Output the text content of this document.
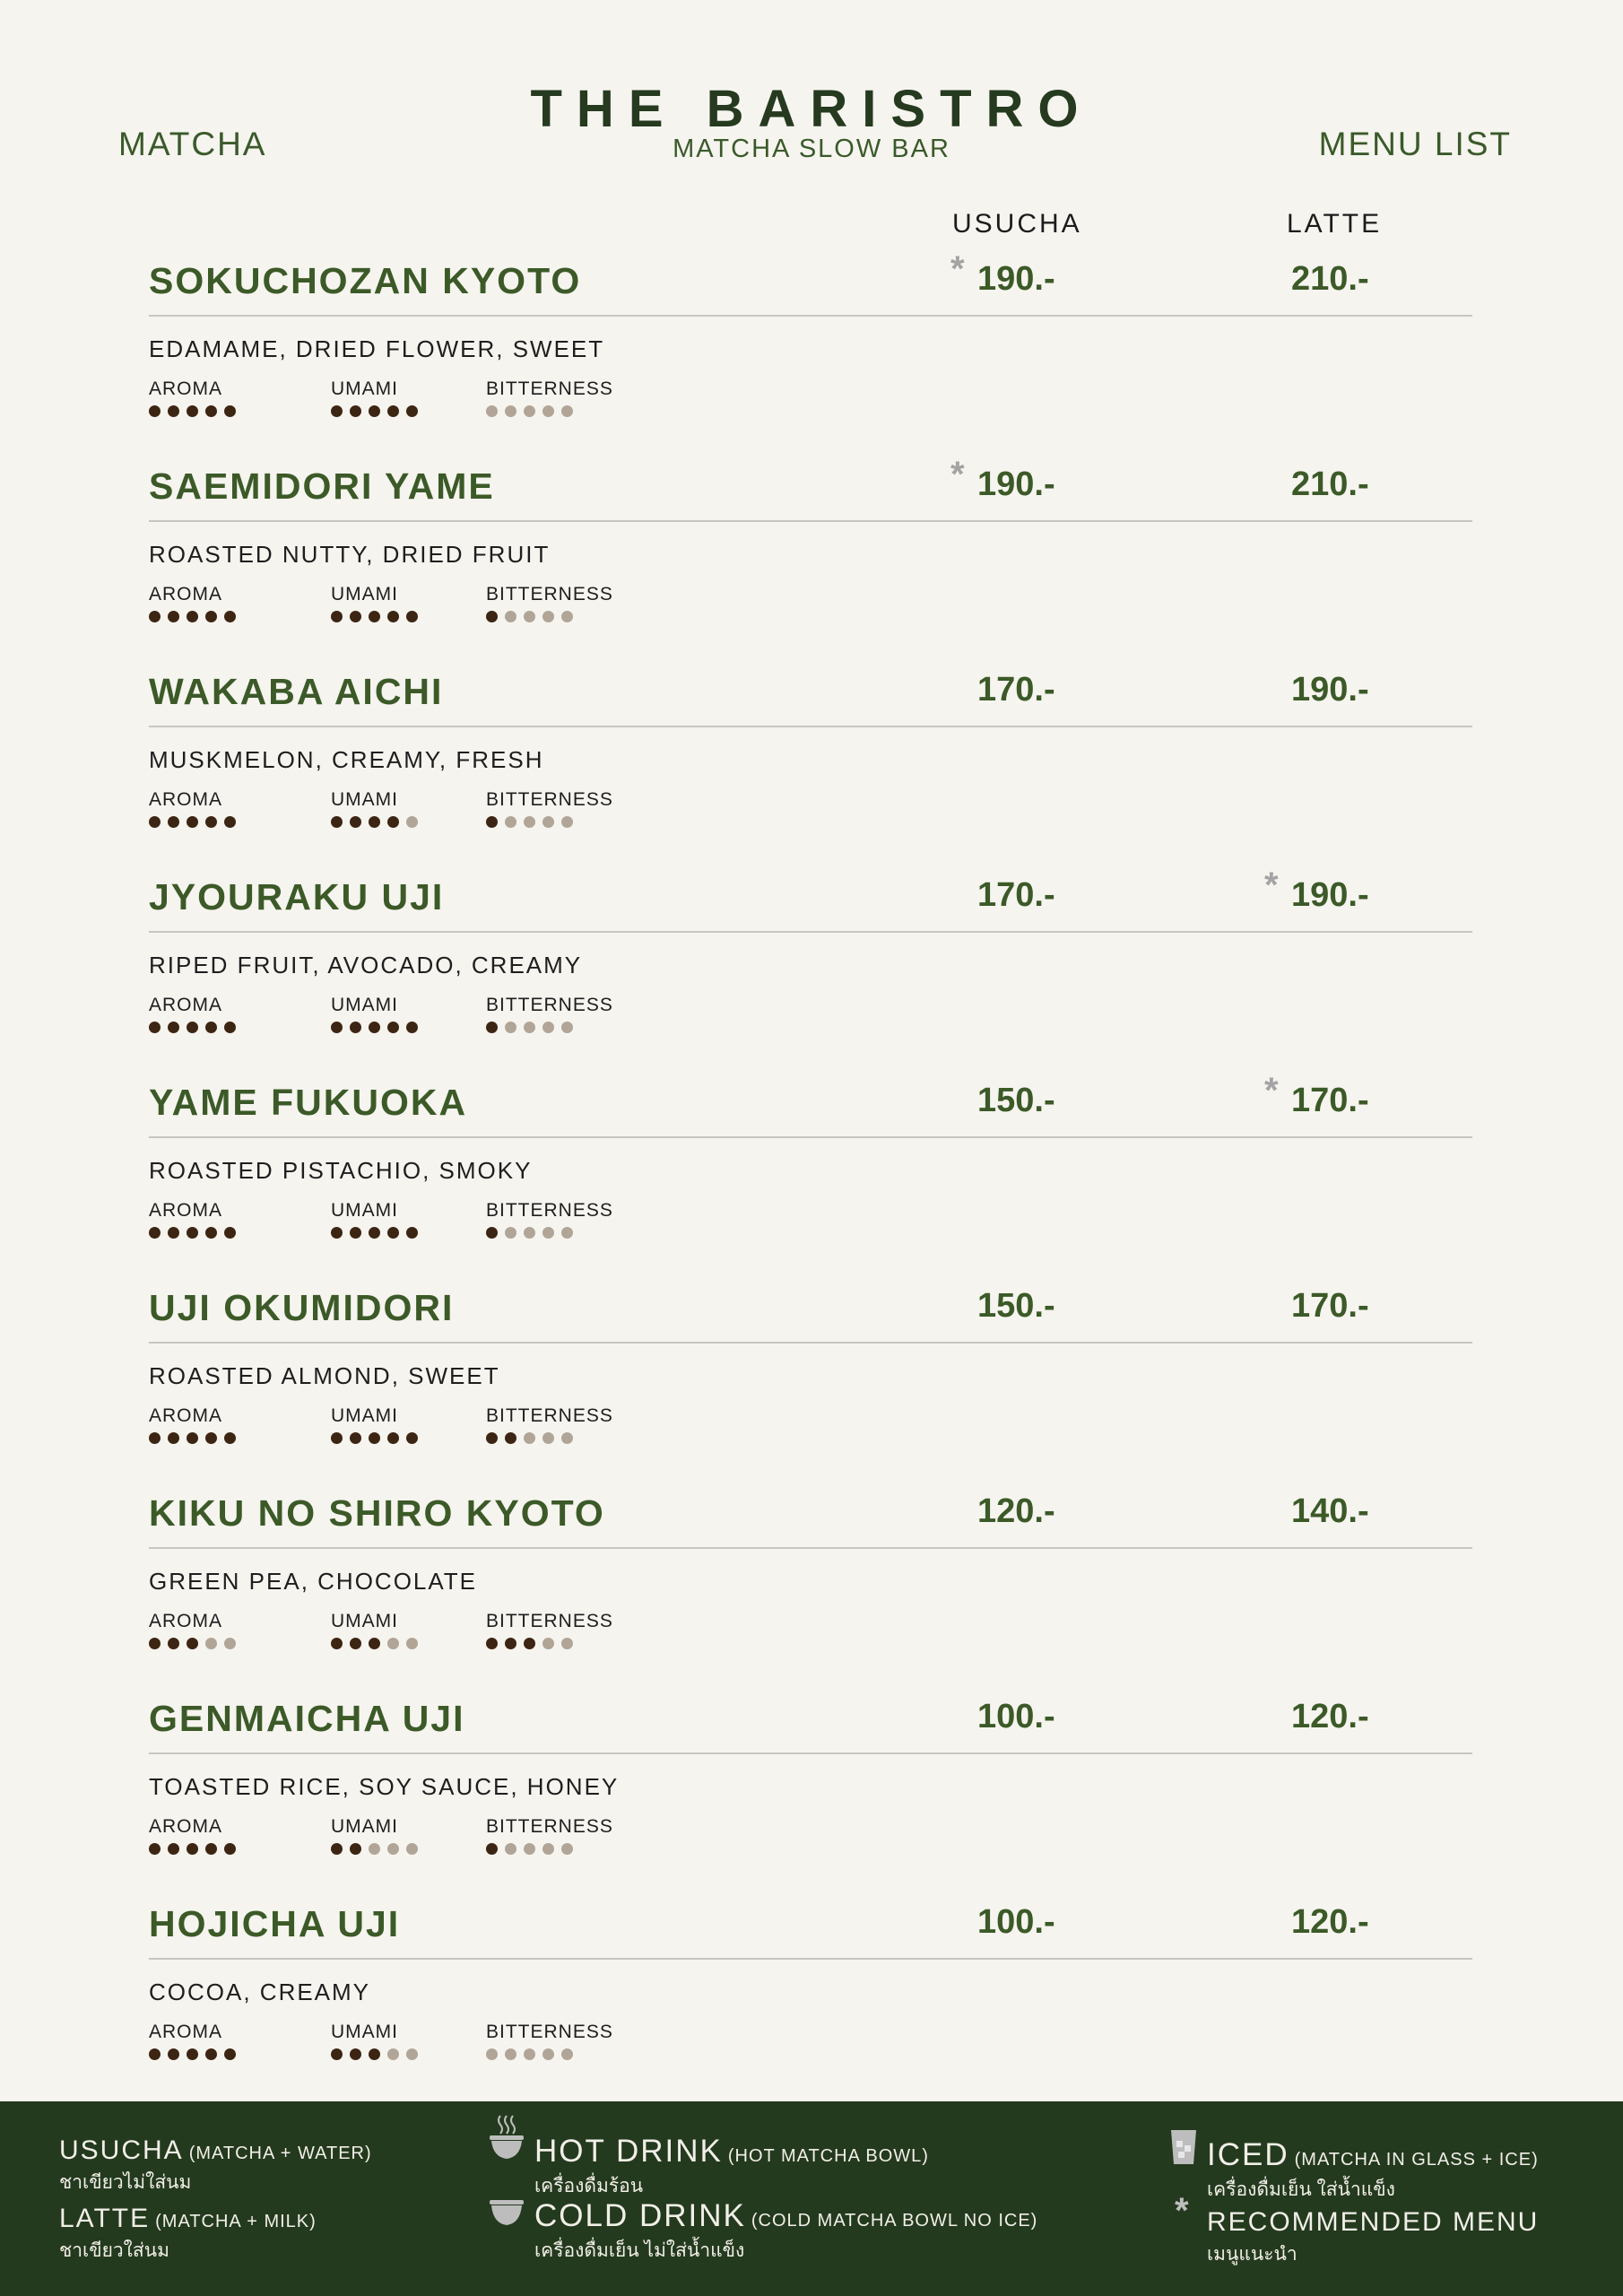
MATCHA
THE BARISTRO
MATCHA SLOW BAR	MENU LIST
USUCHA	LATTE
SOKUCHOZAN KYOTO	* 190.-	210.-
EDAMAME, DRIED FLOWER, SWEET
AROMA	UMAMI	BITTERNESS
SAEMIDORI YAME	* 190.-	210.-
ROASTED NUTTY, DRIED FRUIT
AROMA	UMAMI	BITTERNESS
WAKABA AICHI	170.-	190.-
MUSKMELON, CREAMY, FRESH
AROMA	UMAMI	BITTERNESS
JYOURAKU UJI	170.-	* 190.-
RIPED FRUIT, AVOCADO, CREAMY
AROMA	UMAMI	BITTERNESS
YAME FUKUOKA	150.-	* 170.-
ROASTED PISTACHIO, SMOKY
AROMA	UMAMI	BITTERNESS
UJI OKUMIDORI	150.-	170.-
ROASTED ALMOND, SWEET
AROMA	UMAMI	BITTERNESS
KIKU NO SHIRO KYOTO	120.-	140.-
GREEN PEA, CHOCOLATE
AROMA	UMAMI	BITTERNESS
GENMAICHA UJI	100.-	120.-
TOASTED RICE, SOY SAUCE, HONEY
AROMA	UMAMI	BITTERNESS
HOJICHA UJI	100.-	120.-
COCOA, CREAMY
AROMA	UMAMI	BITTERNESS
USUCHA (MATCHA + WATER)
ชาเขียวไม่ใส่นม
LATTE (MATCHA + MILK)
ชาเขียวใส่นม
HOT DRINK (HOT MATCHA BOWL)
เครื่องดื่มร้อน
COLD DRINK (COLD MATCHA BOWL NO ICE)
เครื่องดื่มเย็น ไม่ใส่น้ำแข็ง
ICED (MATCHA IN GLASS + ICE)
เครื่องดื่มเย็น ใส่น้ำแข็ง
* RECOMMENDED MENU
เมนูแนะนำ
